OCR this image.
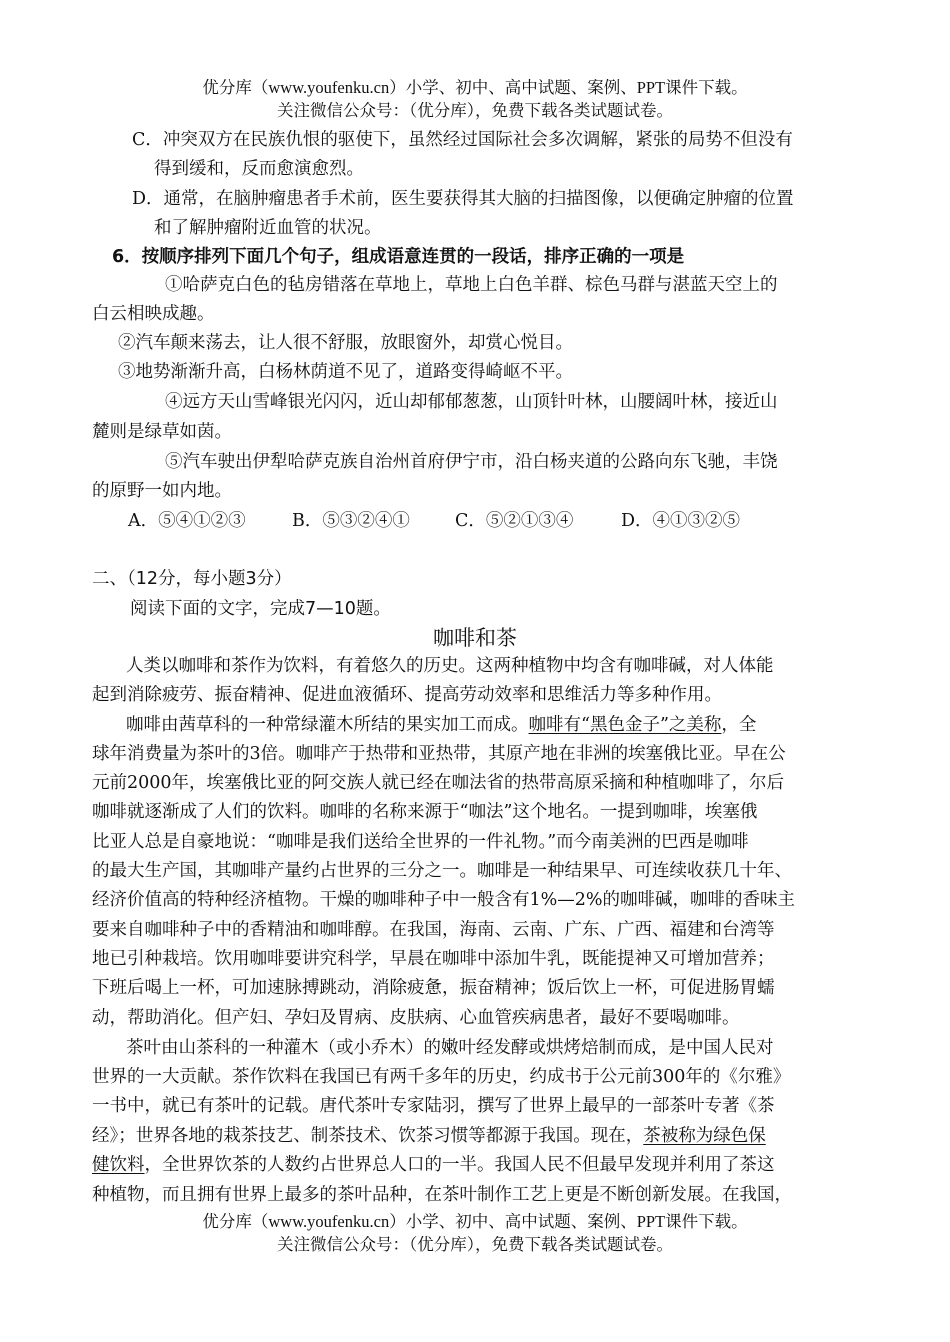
优分库（www.youfenku.cn）小学、初中、高中试题、案例、PPT课件下载。
关注微信公众号：（优分库），免费下载各类试题试卷。
C．冲突双方在民族仇恨的驱使下，虽然经过国际社会多次调解，紧张的局势不但没有
得到缓和，反而愈演愈烈。
D．通常，在脑肿瘤患者手术前，医生要获得其大脑的扫描图像，以便确定肿瘤的位置
和了解肿瘤附近血管的状况。
6．按顺序排列下面几个句子，组成语意连贯的一段话，排序正确的一项是
①哈萨克白色的毡房错落在草地上，草地上白色羊群、棕色马群与湛蓝天空上的
白云相映成趣。
②汽车颠来荡去，让人很不舒服，放眼窗外，却赏心悦目。
③地势渐渐升高，白杨林荫道不见了，道路变得崎岖不平。
④远方天山雪峰银光闪闪，近山却郁郁葱葱，山顶针叶林，山腰阔叶林，接近山
麓则是绿草如茵。
⑤汽车驶出伊犁哈萨克族自治州首府伊宁市，沿白杨夹道的公路向东飞驰，丰饶
的原野一如内地。
A．⑤④①②③	B．⑤③②④①	C．⑤②①③④	D．④①③②⑤
二、（12分，每小题3分）
阅读下面的文字，完成7—10题。
咖啡和茶
人类以咖啡和茶作为饮料，有着悠久的历史。这两种植物中均含有咖啡碱，对人体能
起到消除疲劳、振奋精神、促进血液循环、提高劳动效率和思维活力等多种作用。
咖啡由茜草科的一种常绿灌木所结的果实加工而成。咖啡有“黑色金子”之美称，全
球年消费量为茶叶的3倍。咖啡产于热带和亚热带，其原产地在非洲的埃塞俄比亚。早在公
元前2000年，埃塞俄比亚的阿交族人就已经在咖法省的热带高原采摘和种植咖啡了，尔后
咖啡就逐渐成了人们的饮料。咖啡的名称来源于“咖法”这个地名。一提到咖啡，埃塞俄
比亚人总是自豪地说：“咖啡是我们送给全世界的一件礼物。”而今南美洲的巴西是咖啡
的最大生产国，其咖啡产量约占世界的三分之一。咖啡是一种结果早、可连续收获几十年、
经济价值高的特种经济植物。干燥的咖啡种子中一般含有1%—2%的咖啡碱，咖啡的香味主
要来自咖啡种子中的香精油和咖啡醇。在我国，海南、云南、广东、广西、福建和台湾等
地已引种栽培。饮用咖啡要讲究科学，早晨在咖啡中添加牛乳，既能提神又可增加营养；
下班后喝上一杯，可加速脉搏跳动，消除疲惫，振奋精神；饭后饮上一杯，可促进肠胃蠕
动，帮助消化。但产妇、孕妇及胃病、皮肤病、心血管疾病患者，最好不要喝咖啡。
茶叶由山茶科的一种灌木（或小乔木）的嫩叶经发酵或烘烤焙制而成，是中国人民对
世界的一大贡献。茶作饮料在我国已有两千多年的历史，约成书于公元前300年的《尔雅》
一书中，就已有茶叶的记载。唐代茶叶专家陆羽，撰写了世界上最早的一部茶叶专著《茶
经》；世界各地的栽茶技艺、制茶技术、饮茶习惯等都源于我国。现在，茶被称为绿色保
健饮料，全世界饮茶的人数约占世界总人口的一半。我国人民不但最早发现并利用了茶这
种植物，而且拥有世界上最多的茶叶品种，在茶叶制作工艺上更是不断创新发展。在我国，
优分库（www.youfenku.cn）小学、初中、高中试题、案例、PPT课件下载。
关注微信公众号：（优分库），免费下载各类试题试卷。
